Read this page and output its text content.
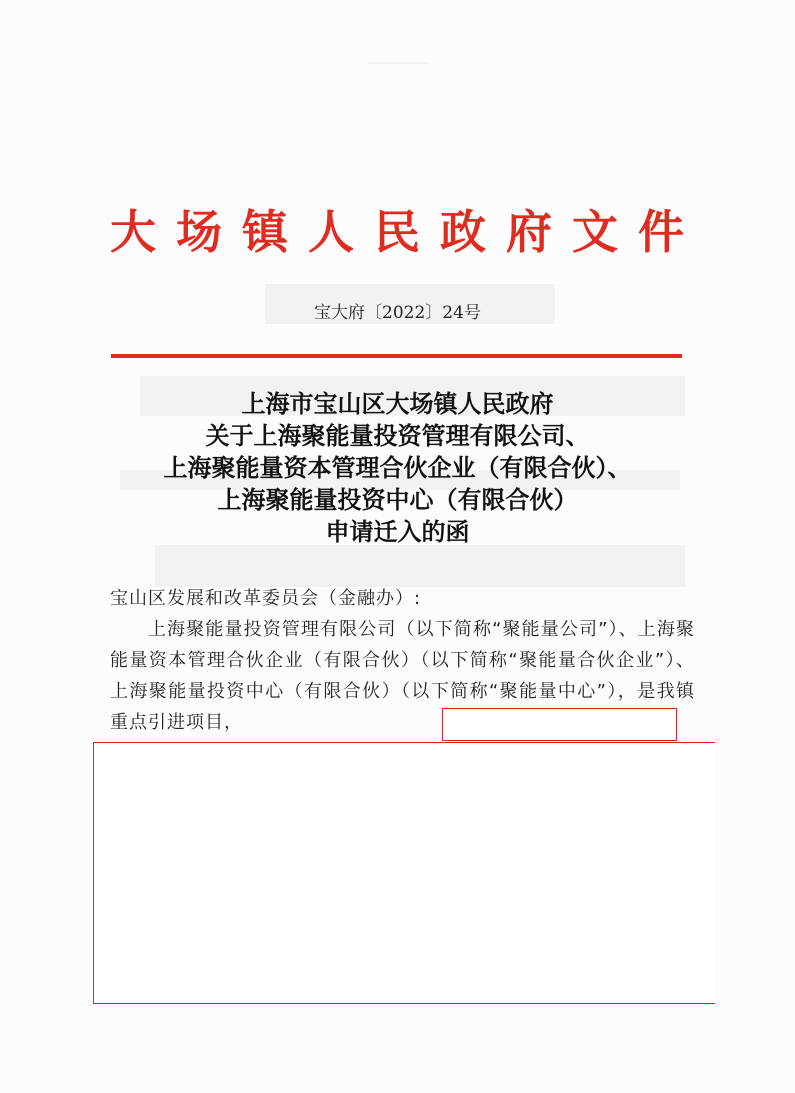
大场镇人民政府文件
宝大府〔2022〕24号
上海市宝山区大场镇人民政府
关于上海聚能量投资管理有限公司、
上海聚能量资本管理合伙企业（有限合伙）、
上海聚能量投资中心（有限合伙）
申请迁入的函

宝山区发展和改革委员会（金融办）:

上海聚能量投资管理有限公司（以下简称“聚能量公司”）、上海聚能量资本管理合伙企业（有限合伙）（以下简称“聚能量合伙企业”）、上海聚能量投资中心（有限合伙）（以下简称“聚能量中心”），是我镇重点引进项目，
